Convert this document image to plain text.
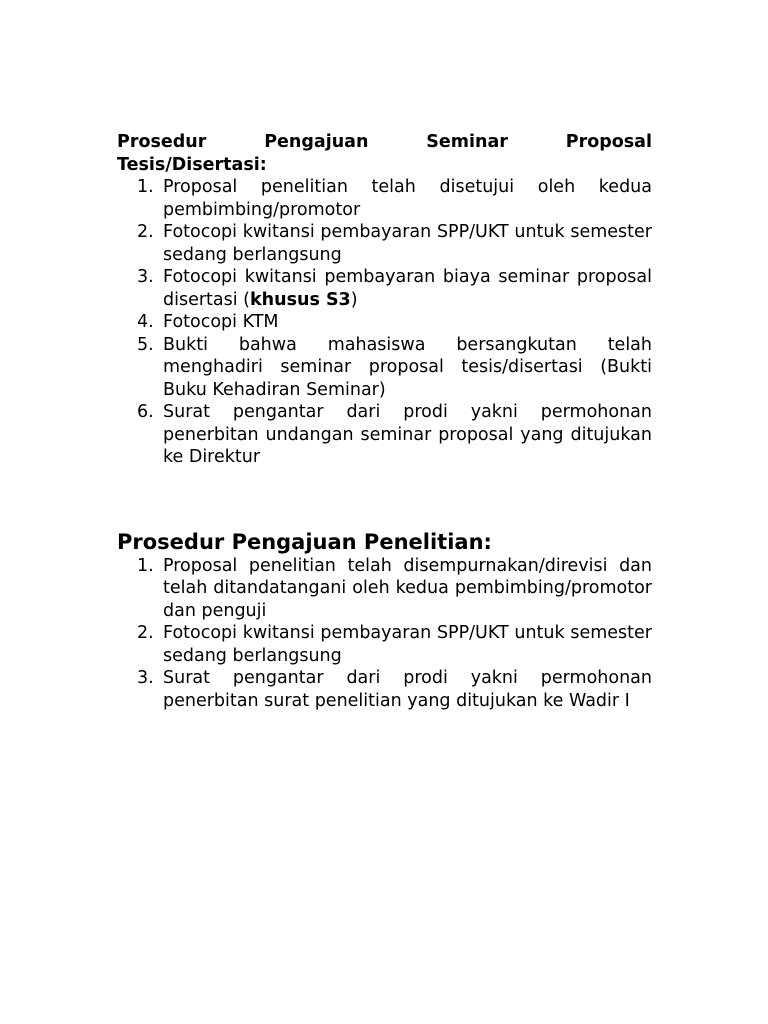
Prosedur Pengajuan Seminar Proposal Tesis/Disertasi:
1. Proposal penelitian telah disetujui oleh kedua pembimbing/promotor
2. Fotocopi kwitansi pembayaran SPP/UKT untuk semester sedang berlangsung
3. Fotocopi kwitansi pembayaran biaya seminar proposal disertasi (khusus S3)
4. Fotocopi KTM
5. Bukti bahwa mahasiswa bersangkutan telah menghadiri seminar proposal tesis/disertasi (Bukti Buku Kehadiran Seminar)
6. Surat pengantar dari prodi yakni permohonan penerbitan undangan seminar proposal yang ditujukan ke Direktur
Prosedur Pengajuan Penelitian:
1. Proposal penelitian telah disempurnakan/direvisi dan telah ditandatangani oleh kedua pembimbing/promotor dan penguji
2. Fotocopi kwitansi pembayaran SPP/UKT untuk semester sedang berlangsung
3. Surat pengantar dari prodi yakni permohonan penerbitan surat penelitian yang ditujukan ke Wadir I
